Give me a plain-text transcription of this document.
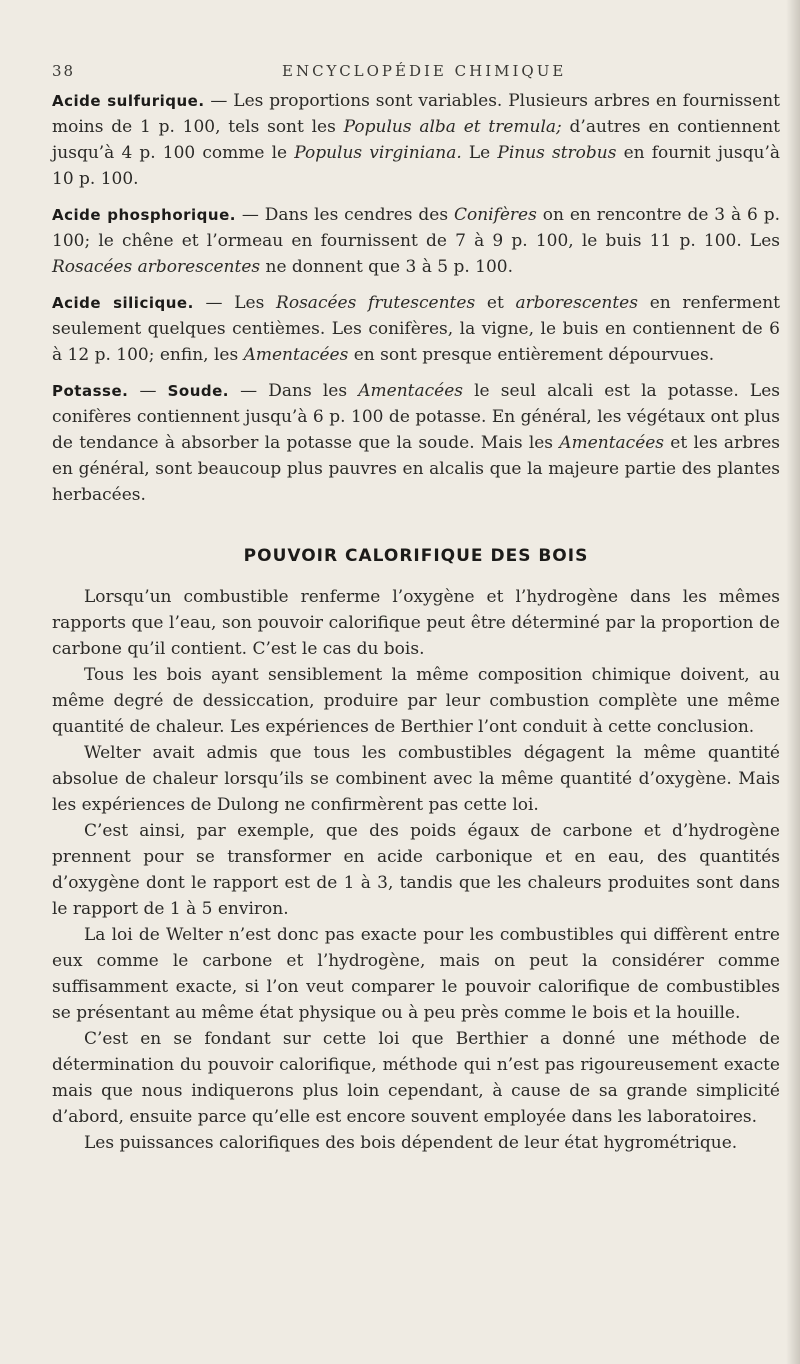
38	ENCYCLOPÉDIE CHIMIQUE

Acide sulfurique. — Les proportions sont variables. Plusieurs arbres en fournissent moins de 1 p. 100, tels sont les Populus alba et tremula; d’autres en contiennent jusqu’à 4 p. 100 comme le Populus virginiana. Le Pinus strobus en fournit jusqu’à 10 p. 100.

Acide phosphorique. — Dans les cendres des Conifères on en rencontre de 3 à 6 p. 100; le chêne et l’ormeau en fournissent de 7 à 9 p. 100, le buis 11 p. 100. Les Rosacées arborescentes ne donnent que 3 à 5 p. 100.

Acide silicique. — Les Rosacées frutescentes et arborescentes en renferment seulement quelques centièmes. Les conifères, la vigne, le buis en contiennent de 6 à 12 p. 100; enfin, les Amentacées en sont presque entièrement dépourvues.

Potasse. — Soude. — Dans les Amentacées le seul alcali est la potasse. Les conifères contiennent jusqu’à 6 p. 100 de potasse. En général, les végétaux ont plus de tendance à absorber la potasse que la soude. Mais les Amentacées et les arbres en général, sont beaucoup plus pauvres en alcalis que la majeure partie des plantes herbacées.

POUVOIR CALORIFIQUE DES BOIS

Lorsqu’un combustible renferme l’oxygène et l’hydrogène dans les mêmes rapports que l’eau, son pouvoir calorifique peut être déterminé par la proportion de carbone qu’il contient. C’est le cas du bois.

Tous les bois ayant sensiblement la même composition chimique doivent, au même degré de dessiccation, produire par leur combustion complète une même quantité de chaleur. Les expériences de Berthier l’ont conduit à cette conclusion.

Welter avait admis que tous les combustibles dégagent la même quantité absolue de chaleur lorsqu’ils se combinent avec la même quantité d’oxygène. Mais les expériences de Dulong ne confirmèrent pas cette loi.

C’est ainsi, par exemple, que des poids égaux de carbone et d’hydrogène prennent pour se transformer en acide carbonique et en eau, des quantités d’oxygène dont le rapport est de 1 à 3, tandis que les chaleurs produites sont dans le rapport de 1 à 5 environ.

La loi de Welter n’est donc pas exacte pour les combustibles qui diffèrent entre eux comme le carbone et l’hydrogène, mais on peut la considérer comme suffisamment exacte, si l’on veut comparer le pouvoir calorifique de combustibles se présentant au même état physique ou à peu près comme le bois et la houille.

C’est en se fondant sur cette loi que Berthier a donné une méthode de détermination du pouvoir calorifique, méthode qui n’est pas rigoureusement exacte mais que nous indiquerons plus loin cependant, à cause de sa grande simplicité d’abord, ensuite parce qu’elle est encore souvent employée dans les laboratoires.

Les puissances calorifiques des bois dépendent de leur état hygrométrique.
